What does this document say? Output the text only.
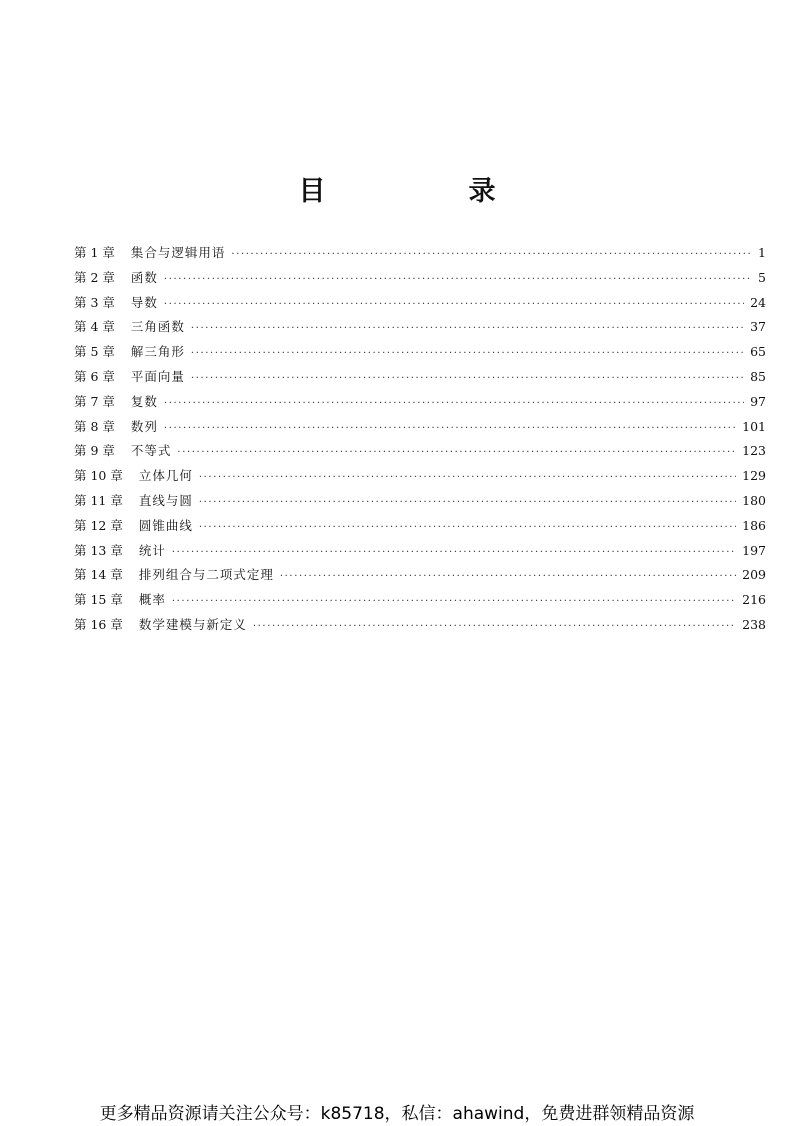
目　录
第 1 章 集合与逻辑用语 ·····	1
第 2 章 函数 ·····	5
第 3 章 导数 ·····	24
第 4 章 三角函数 ·····	37
第 5 章 解三角形 ·····	65
第 6 章 平面向量 ·····	85
第 7 章 复数 ·····	97
第 8 章 数列 ·····	101
第 9 章 不等式 ·····	123
第 10 章 立体几何 ·····	129
第 11 章 直线与圆 ·····	180
第 12 章 圆锥曲线 ·····	186
第 13 章 统计 ·····	197
第 14 章 排列组合与二项式定理 ·····	209
第 15 章 概率 ·····	216
第 16 章 数学建模与新定义 ·····	238
更多精品资源请关注公众号：k85718，私信：ahawind，免费进群领精品资源
